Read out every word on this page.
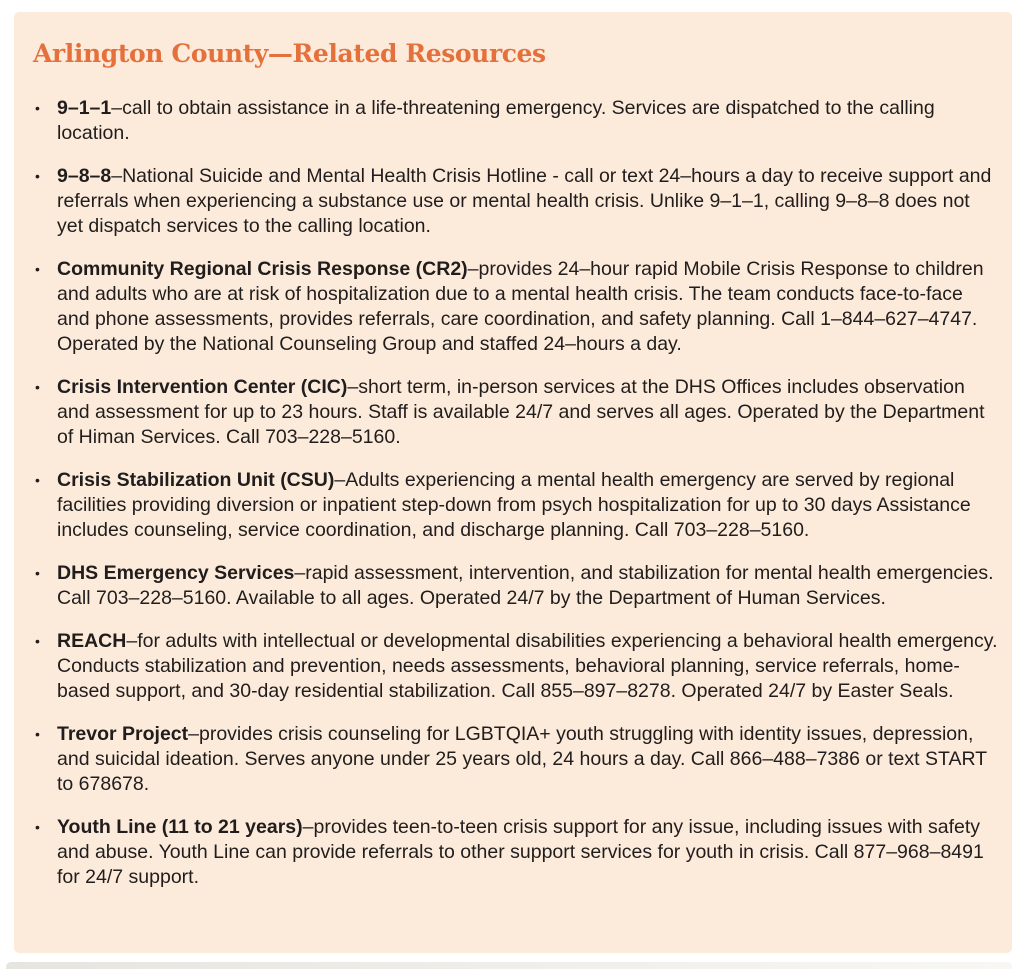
Arlington County—Related Resources
• 9–1–1–call to obtain assistance in a life-threatening emergency. Services are dispatched to the calling location.
• 9–8–8–National Suicide and Mental Health Crisis Hotline - call or text 24–hours a day to receive support and referrals when experiencing a substance use or mental health crisis. Unlike 9–1–1, calling 9–8–8 does not yet dispatch services to the calling location.
• Community Regional Crisis Response (CR2)–provides 24–hour rapid Mobile Crisis Response to children and adults who are at risk of hospitalization due to a mental health crisis. The team conducts face-to-face and phone assessments, provides referrals, care coordination, and safety planning. Call 1–844–627–4747. Operated by the National Counseling Group and staffed 24–hours a day.
• Crisis Intervention Center (CIC)–short term, in-person services at the DHS Offices includes observation and assessment for up to 23 hours. Staff is available 24/7 and serves all ages. Operated by the Department of Himan Services. Call 703–228–5160.
• Crisis Stabilization Unit (CSU)–Adults experiencing a mental health emergency are served by regional facilities providing diversion or inpatient step-down from psych hospitalization for up to 30 days Assistance includes counseling, service coordination, and discharge planning. Call 703–228–5160.
• DHS Emergency Services–rapid assessment, intervention, and stabilization for mental health emergencies. Call 703–228–5160. Available to all ages. Operated 24/7 by the Department of Human Services.
• REACH–for adults with intellectual or developmental disabilities experiencing a behavioral health emergency. Conducts stabilization and prevention, needs assessments, behavioral planning, service referrals, home-based support, and 30-day residential stabilization. Call 855–897–8278. Operated 24/7 by Easter Seals.
• Trevor Project–provides crisis counseling for LGBTQIA+ youth struggling with identity issues, depression, and suicidal ideation. Serves anyone under 25 years old, 24 hours a day. Call 866–488–7386 or text START to 678678.
• Youth Line (11 to 21 years)–provides teen-to-teen crisis support for any issue, including issues with safety and abuse. Youth Line can provide referrals to other support services for youth in crisis. Call 877–968–8491 for 24/7 support.
